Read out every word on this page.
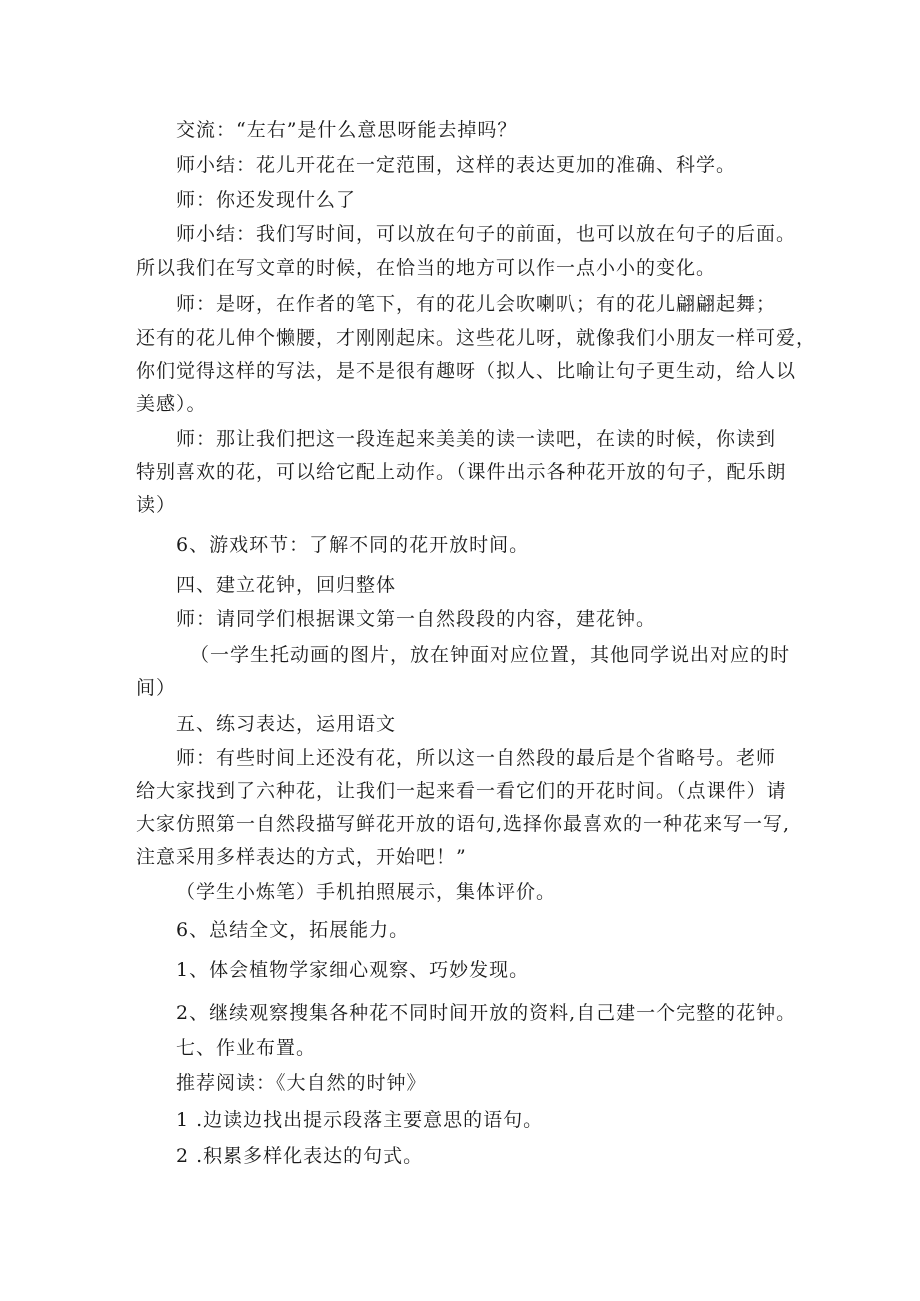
交流：“左右”是什么意思呀能去掉吗？
师小结：花儿开花在一定范围，这样的表达更加的准确、科学。
师：你还发现什么了
师小结：我们写时间，可以放在句子的前面，也可以放在句子的后面。
所以我们在写文章的时候，在恰当的地方可以作一点小小的变化。
师：是呀，在作者的笔下，有的花儿会吹喇叭；有的花儿翩翩起舞；
还有的花儿伸个懒腰，才刚刚起床。这些花儿呀，就像我们小朋友一样可爱，
你们觉得这样的写法，是不是很有趣呀（拟人、比喻让句子更生动，给人以
美感）。
师：那让我们把这一段连起来美美的读一读吧，在读的时候，你读到
特别喜欢的花，可以给它配上动作。（课件出示各种花开放的句子，配乐朗
读）
6、游戏环节：了解不同的花开放时间。
四、建立花钟，回归整体
师：请同学们根据课文第一自然段段的内容，建花钟。
（一学生托动画的图片，放在钟面对应位置，其他同学说出对应的时
间）
五、练习表达，运用语文
师：有些时间上还没有花，所以这一自然段的最后是个省略号。老师
给大家找到了六种花，让我们一起来看一看它们的开花时间。（点课件）请
大家仿照第一自然段描写鲜花开放的语句,选择你最喜欢的一种花来写一写,
注意采用多样表达的方式，开始吧！”
（学生小炼笔）手机拍照展示，集体评价。
6、总结全文，拓展能力。
1、体会植物学家细心观察、巧妙发现。
2、继续观察搜集各种花不同时间开放的资料,自己建一个完整的花钟。
七、作业布置。
推荐阅读：《大自然的时钟》
1 .边读边找出提示段落主要意思的语句。
2 .积累多样化表达的句式。
